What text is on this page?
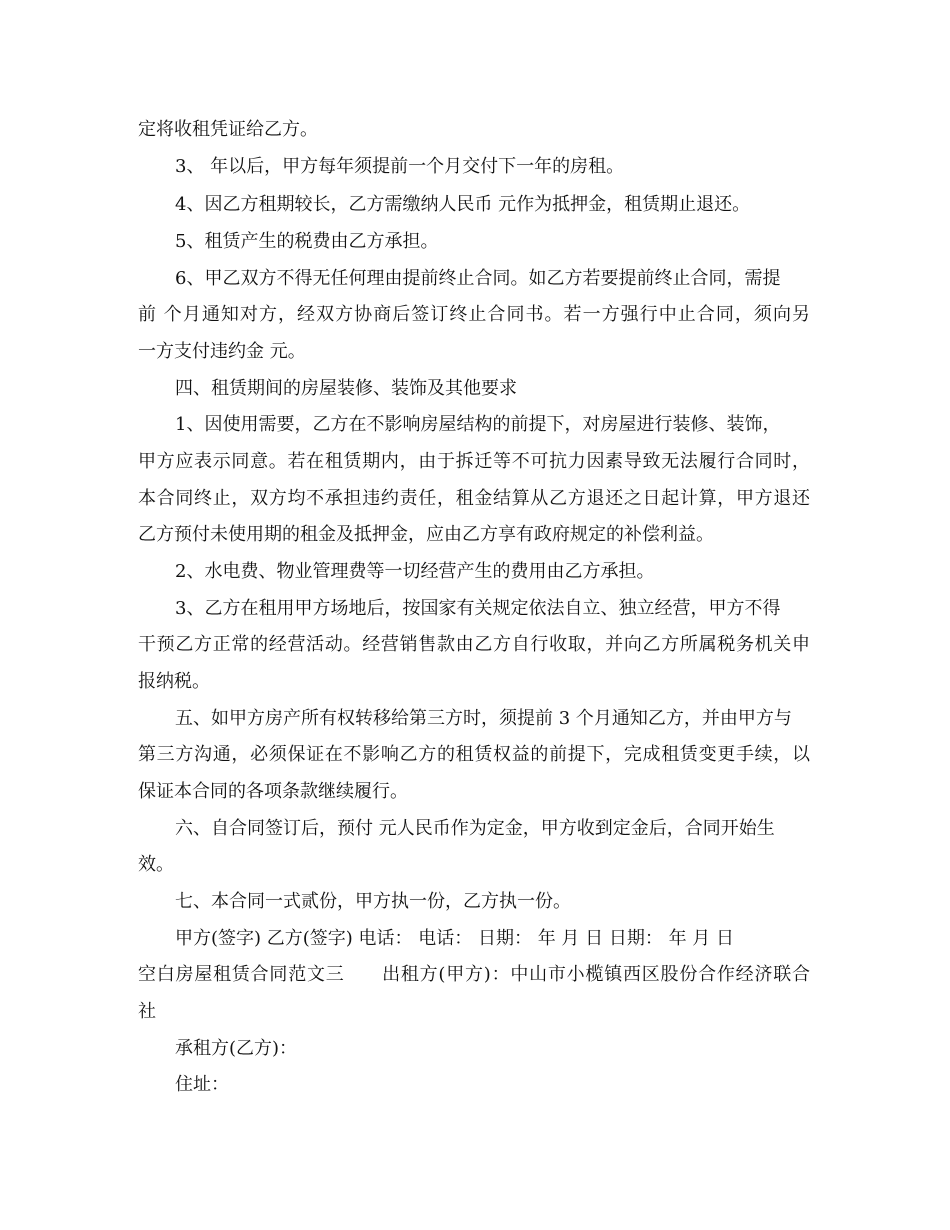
定将收租凭证给乙方。
3、 年以后，甲方每年须提前一个月交付下一年的房租。
4、因乙方租期较长，乙方需缴纳人民币 元作为抵押金，租赁期止退还。
5、租赁产生的税费由乙方承担。
6、甲乙双方不得无任何理由提前终止合同。如乙方若要提前终止合同，需提
前 个月通知对方，经双方协商后签订终止合同书。若一方强行中止合同，须向另
一方支付违约金 元。
四、租赁期间的房屋装修、装饰及其他要求
1、因使用需要，乙方在不影响房屋结构的前提下，对房屋进行装修、装饰，
甲方应表示同意。若在租赁期内，由于拆迁等不可抗力因素导致无法履行合同时，
本合同终止，双方均不承担违约责任，租金结算从乙方退还之日起计算，甲方退还
乙方预付未使用期的租金及抵押金，应由乙方享有政府规定的补偿利益。
2、水电费、物业管理费等一切经营产生的费用由乙方承担。
3、乙方在租用甲方场地后，按国家有关规定依法自立、独立经营，甲方不得
干预乙方正常的经营活动。经营销售款由乙方自行收取，并向乙方所属税务机关申
报纳税。
五、如甲方房产所有权转移给第三方时，须提前 3 个月通知乙方，并由甲方与
第三方沟通，必须保证在不影响乙方的租赁权益的前提下，完成租赁变更手续，以
保证本合同的各项条款继续履行。
六、自合同签订后，预付 元人民币作为定金，甲方收到定金后，合同开始生
效。
七、本合同一式贰份，甲方执一份，乙方执一份。
甲方(签字) 乙方(签字) 电话： 电话： 日期： 年 月 日 日期： 年 月 日
空白房屋租赁合同范文三　　出租方(甲方)：中山市小榄镇西区股份合作经济联合
社
承租方(乙方)：
住址：
